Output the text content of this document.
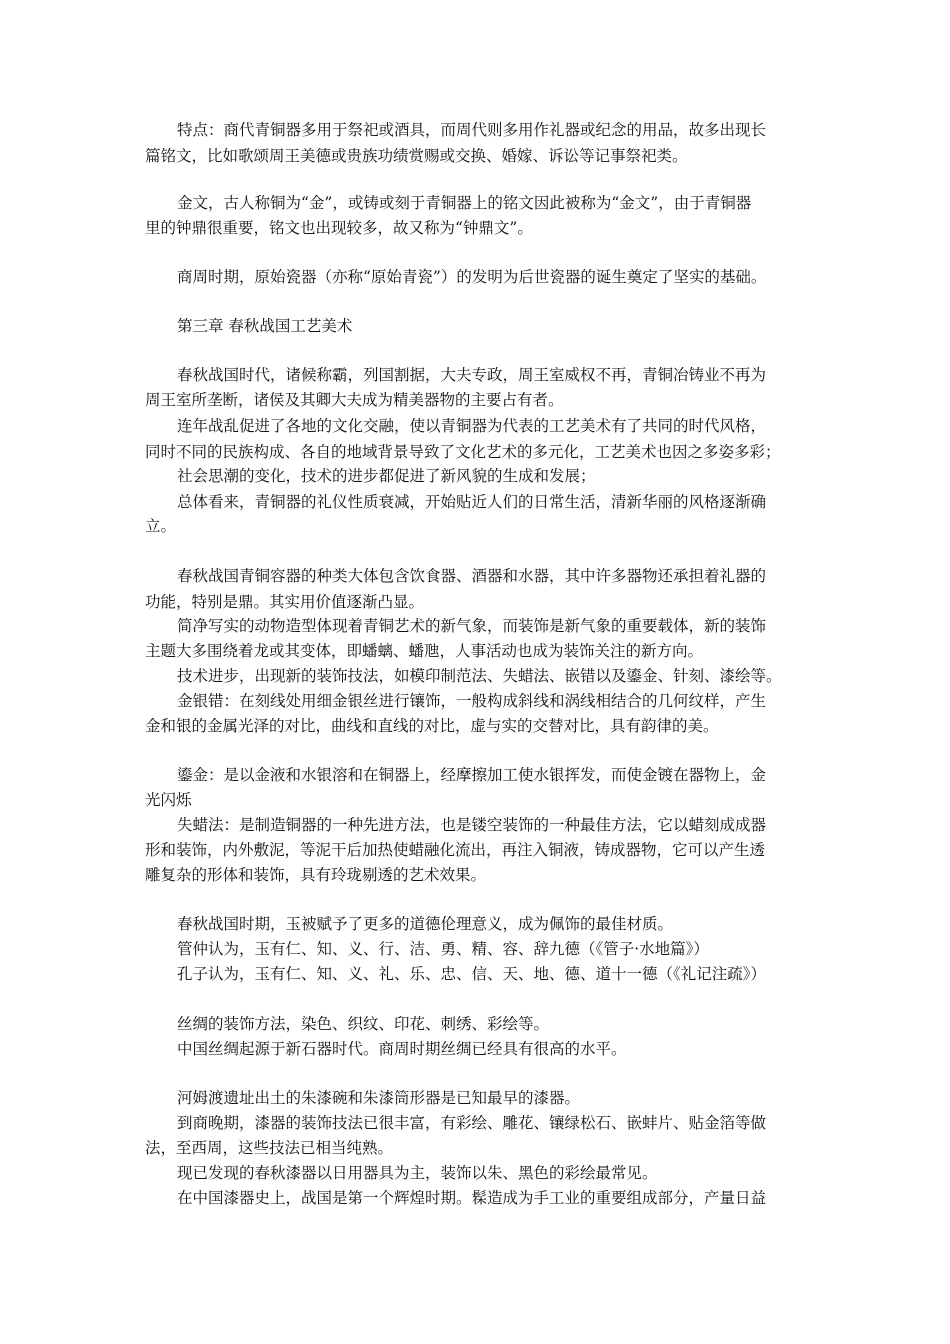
特点：商代青铜器多用于祭祀或酒具，而周代则多用作礼器或纪念的用品，故多出现长
篇铭文，比如歌颂周王美德或贵族功绩赏赐或交换、婚嫁、诉讼等记事祭祀类。
金文，古人称铜为“金”，或铸或刻于青铜器上的铭文因此被称为“金文”，由于青铜器
里的钟鼎很重要，铭文也出现较多，故又称为“钟鼎文”。
商周时期，原始瓷器（亦称“原始青瓷”）的发明为后世瓷器的诞生奠定了坚实的基础。
第三章 春秋战国工艺美术
春秋战国时代，诸候称霸，列国割据，大夫专政，周王室威权不再，青铜冶铸业不再为
周王室所垄断，诸侯及其卿大夫成为精美器物的主要占有者。
连年战乱促进了各地的文化交融，使以青铜器为代表的工艺美术有了共同的时代风格，
同时不同的民族构成、各自的地域背景导致了文化艺术的多元化，工艺美术也因之多姿多彩；
社会思潮的变化，技术的进步都促进了新风貌的生成和发展；
总体看来，青铜器的礼仪性质衰减，开始贴近人们的日常生活，清新华丽的风格逐渐确
立。
春秋战国青铜容器的种类大体包含饮食器、酒器和水器，其中许多器物还承担着礼器的
功能，特别是鼎。其实用价值逐渐凸显。
简净写实的动物造型体现着青铜艺术的新气象，而装饰是新气象的重要载体，新的装饰
主题大多围绕着龙或其变体，即蟠螭、蟠虺，人事活动也成为装饰关注的新方向。
技术进步，出现新的装饰技法，如模印制范法、失蜡法、嵌错以及鎏金、针刻、漆绘等。
金银错：在刻线处用细金银丝进行镶饰，一般构成斜线和涡线相结合的几何纹样，产生
金和银的金属光泽的对比，曲线和直线的对比，虚与实的交替对比，具有韵律的美。
鎏金：是以金液和水银溶和在铜器上，经摩擦加工使水银挥发，而使金镀在器物上，金
光闪烁
失蜡法：是制造铜器的一种先进方法，也是镂空装饰的一种最佳方法，它以蜡刻成成器
形和装饰，内外敷泥，等泥干后加热使蜡融化流出，再注入铜液，铸成器物，它可以产生透
雕复杂的形体和装饰，具有玲珑剔透的艺术效果。
春秋战国时期，玉被赋予了更多的道德伦理意义，成为佩饰的最佳材质。
管仲认为，玉有仁、知、义、行、洁、勇、精、容、辞九德（《管子·水地篇》）
孔子认为，玉有仁、知、义、礼、乐、忠、信、天、地、德、道十一德（《礼记注疏》）
丝绸的装饰方法，染色、织纹、印花、刺绣、彩绘等。
中国丝绸起源于新石器时代。商周时期丝绸已经具有很高的水平。
河姆渡遗址出土的朱漆碗和朱漆筒形器是已知最早的漆器。
到商晚期，漆器的装饰技法已很丰富，有彩绘、雕花、镶绿松石、嵌蚌片、贴金箔等做
法，至西周，这些技法已相当纯熟。
现已发现的春秋漆器以日用器具为主，装饰以朱、黑色的彩绘最常见。
在中国漆器史上，战国是第一个辉煌时期。髹造成为手工业的重要组成部分，产量日益
